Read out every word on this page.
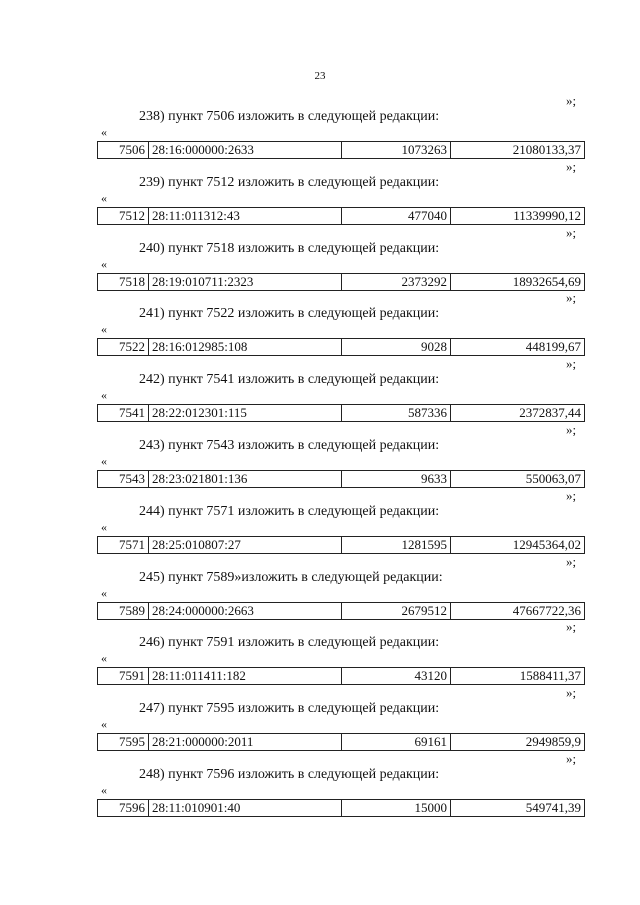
23
»;
238) пункт 7506 изложить в следующей редакции:
«
7506	28:16:000000:2633	1073263	21080133,37
»;
239) пункт 7512 изложить в следующей редакции:
«
7512	28:11:011312:43	477040	11339990,12
»;
240) пункт 7518 изложить в следующей редакции:
«
7518	28:19:010711:2323	2373292	18932654,69
»;
241) пункт 7522 изложить в следующей редакции:
«
7522	28:16:012985:108	9028	448199,67
»;
242) пункт 7541 изложить в следующей редакции:
«
7541	28:22:012301:115	587336	2372837,44
»;
243) пункт 7543 изложить в следующей редакции:
«
7543	28:23:021801:136	9633	550063,07
»;
244) пункт 7571 изложить в следующей редакции:
«
7571	28:25:010807:27	1281595	12945364,02
»;
245) пункт 7589»изложить в следующей редакции:
«
7589	28:24:000000:2663	2679512	47667722,36
»;
246) пункт 7591 изложить в следующей редакции:
«
7591	28:11:011411:182	43120	1588411,37
»;
247) пункт 7595 изложить в следующей редакции:
«
7595	28:21:000000:2011	69161	2949859,9
»;
248) пункт 7596 изложить в следующей редакции:
«
7596	28:11:010901:40	15000	549741,39
